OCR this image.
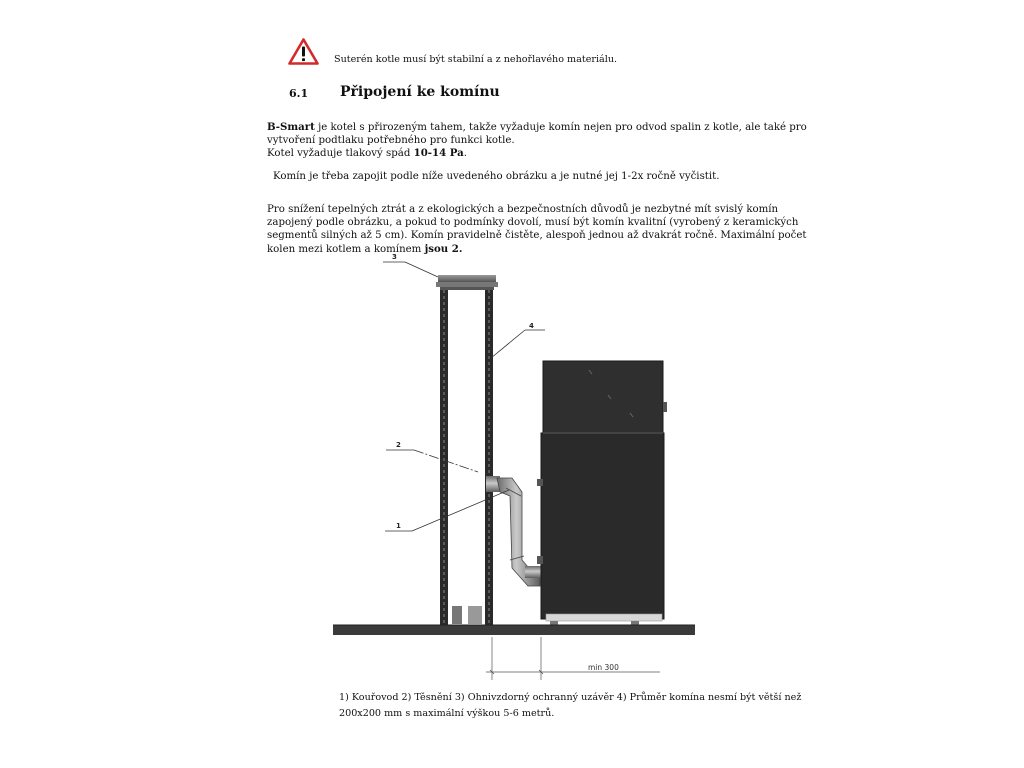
Suterén kotle musí být stabilní a z nehořlavého materiálu.
6.1 Připojení ke komínu
B-Smart je kotel s přirozeným tahem, takže vyžaduje komín nejen pro odvod spalin z kotle, ale také pro
vytvoření podtlaku potřebného pro funkci kotle.
Kotel vyžaduje tlakový spád 10-14 Pa.
Komín je třeba zapojit podle níže uvedeného obrázku a je nutné jej 1-2x ročně vyčistit.
Pro snížení tepelných ztrát a z ekologických a bezpečnostních důvodů je nezbytné mít svislý komín
zapojený podle obrázku, a pokud to podmínky dovolí, musí být komín kvalitní (vyrobený z keramických
segmentů silných až 5 cm). Komín pravidelně čistěte, alespoň jednou až dvakrát ročně. Maximální počet
kolen mezi kotlem a komínem jsou 2.
3
4
2
1
min 300
1) Kouřovod 2) Těsnění 3) Ohnivzdorný ochranný uzávěr 4) Průměr komína nesmí být větší než
200x200 mm s maximální výškou 5-6 metrů.
